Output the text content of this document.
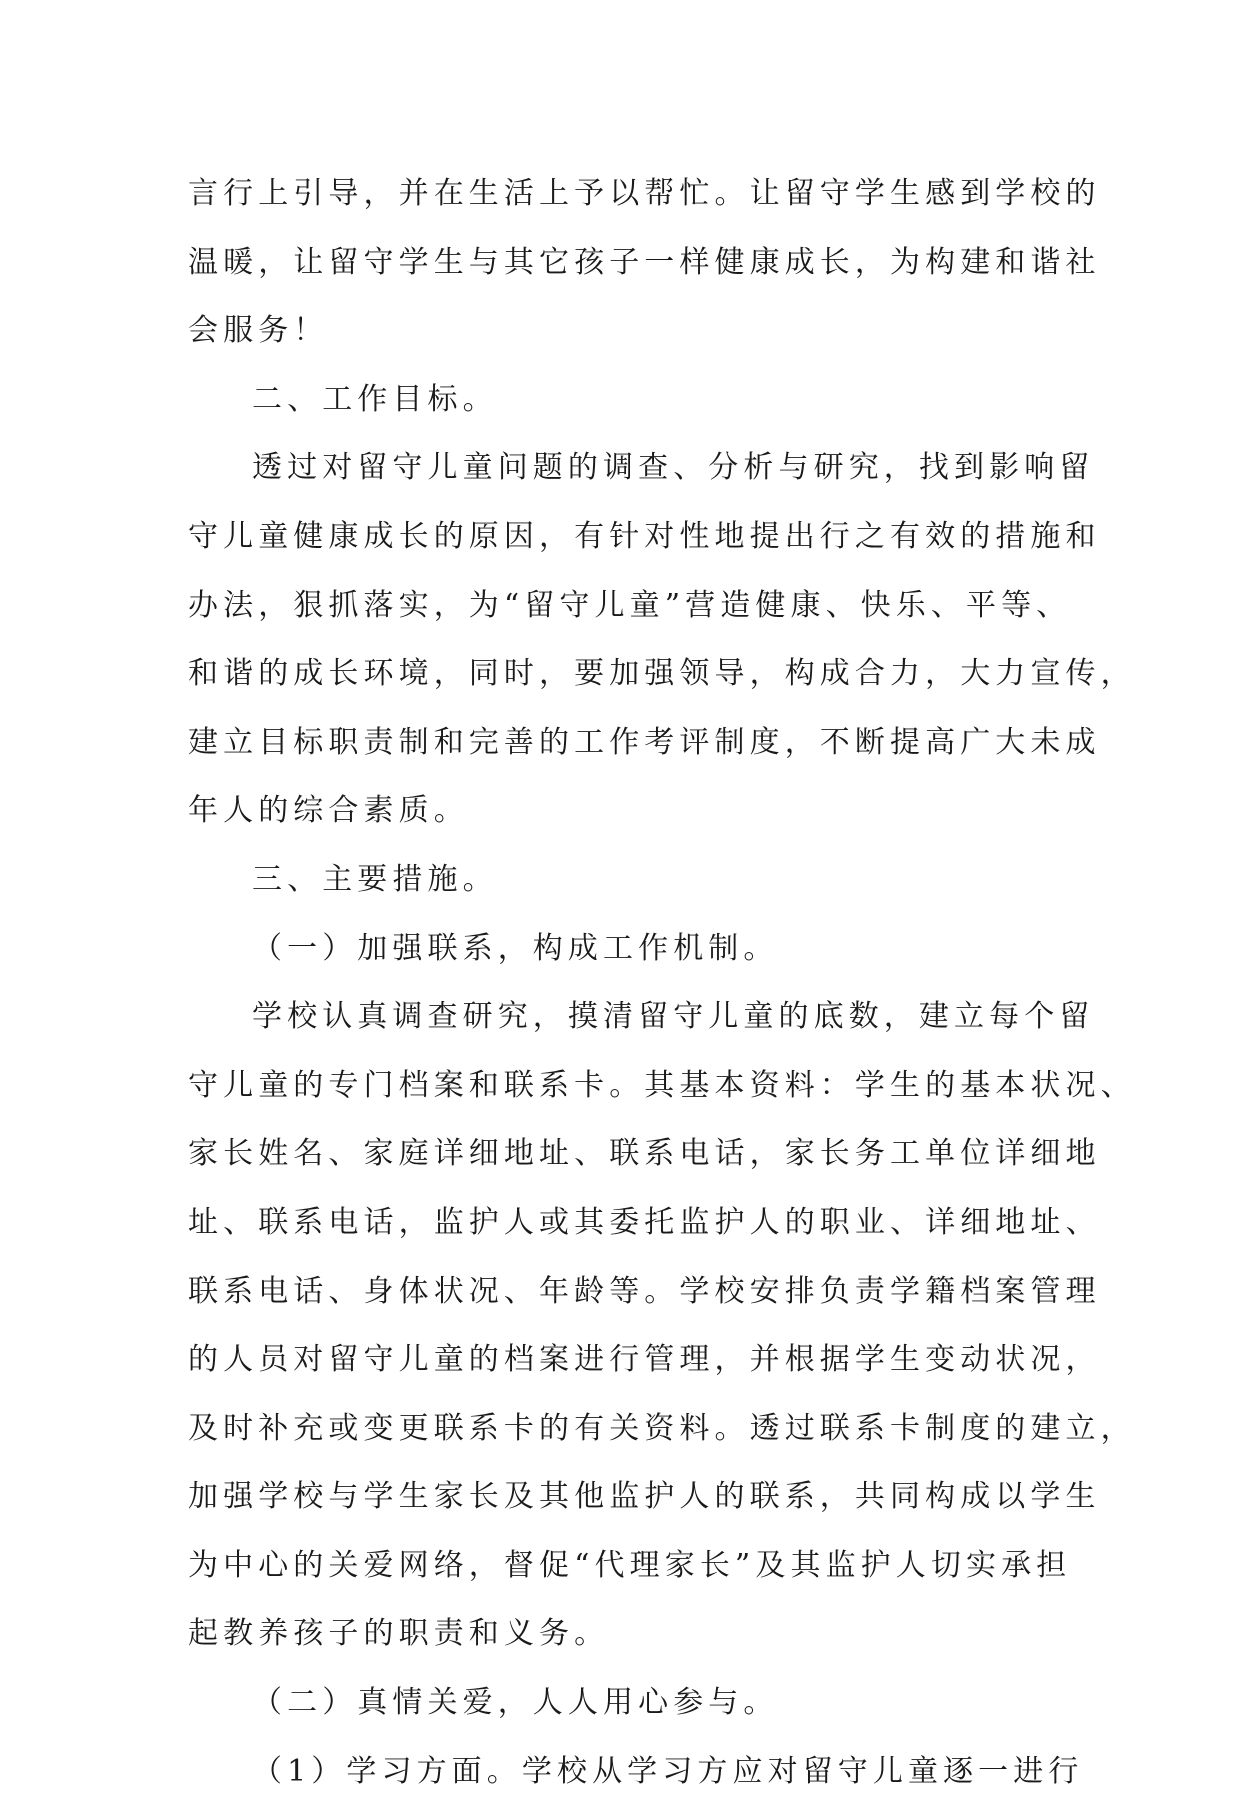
言行上引导，并在生活上予以帮忙。让留守学生感到学校的
温暖，让留守学生与其它孩子一样健康成长，为构建和谐社
会服务！
二、工作目标。
透过对留守儿童问题的调查、分析与研究，找到影响留
守儿童健康成长的原因，有针对性地提出行之有效的措施和
办法，狠抓落实，为“留守儿童”营造健康、快乐、平等、
和谐的成长环境，同时，要加强领导，构成合力，大力宣传，
建立目标职责制和完善的工作考评制度，不断提高广大未成
年人的综合素质。
三、主要措施。
（一）加强联系，构成工作机制。
学校认真调查研究，摸清留守儿童的底数，建立每个留
守儿童的专门档案和联系卡。其基本资料：学生的基本状况、
家长姓名、家庭详细地址、联系电话，家长务工单位详细地
址、联系电话，监护人或其委托监护人的职业、详细地址、
联系电话、身体状况、年龄等。学校安排负责学籍档案管理
的人员对留守儿童的档案进行管理，并根据学生变动状况，
及时补充或变更联系卡的有关资料。透过联系卡制度的建立，
加强学校与学生家长及其他监护人的联系，共同构成以学生
为中心的关爱网络，督促“代理家长”及其监护人切实承担
起教养孩子的职责和义务。
（二）真情关爱，人人用心参与。
（1）学习方面。学校从学习方应对留守儿童逐一进行
